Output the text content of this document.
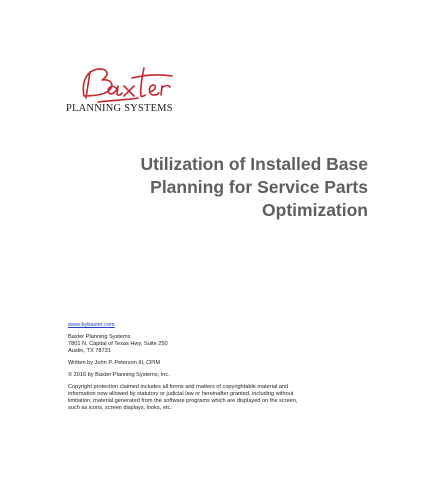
PLANNING SYSTEMS
Utilization of Installed Base
Planning for Service Parts
Optimization
www.bybaxter.com
Baxter Planning Systems
7801 N. Capital of Texas Hwy, Suite 250
Austin, TX 78731
Written by John P. Peterson III, CPIM
© 2016 by Baxter Planning Systems, Inc.
Copyright protection claimed includes all forms and matters of copyrightable material and
information now allowed by statutory or judicial law or hereinafter granted, including without
limitation, material generated from the software programs which are displayed on the screen,
such as icons, screen displays, looks, etc.
